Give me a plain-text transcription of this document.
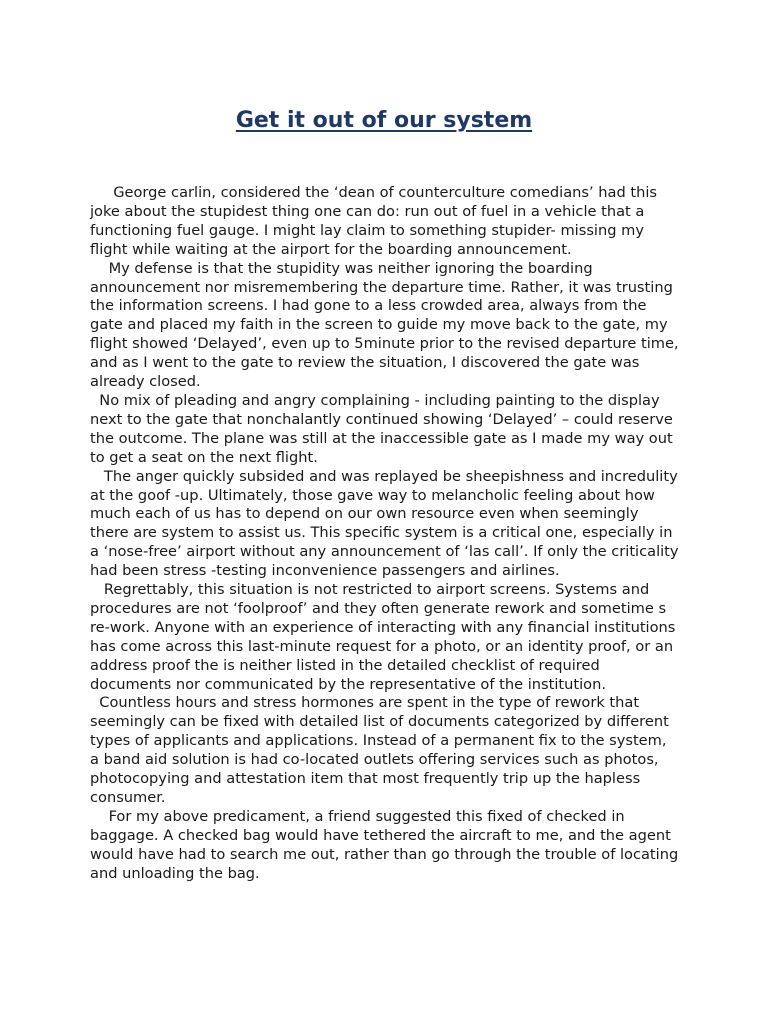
Get it out of our system

George carlin, considered the ‘dean of counterculture comedians’ had this joke about the stupidest thing one can do: run out of fuel in a vehicle that a functioning fuel gauge. I might lay claim to something stupider- missing my flight while waiting at the airport for the boarding announcement.

My defense is that the stupidity was neither ignoring the boarding announcement nor misremembering the departure time. Rather, it was trusting the information screens. I had gone to a less crowded area, always from the gate and placed my faith in the screen to guide my move back to the gate, my flight showed ‘Delayed’, even up to 5minute prior to the revised departure time, and as I went to the gate to review the situation, I discovered the gate was already closed.

No mix of pleading and angry complaining - including painting to the display next to the gate that nonchalantly continued showing ‘Delayed’ – could reserve the outcome. The plane was still at the inaccessible gate as I made my way out to get a seat on the next flight.

The anger quickly subsided and was replayed be sheepishness and incredulity at the goof -up. Ultimately, those gave way to melancholic feeling about how much each of us has to depend on our own resource even when seemingly there are system to assist us. This specific system is a critical one, especially in a ‘nose-free’ airport without any announcement of ‘las call’. If only the criticality had been stress -testing inconvenience passengers and airlines.

Regrettably, this situation is not restricted to airport screens. Systems and procedures are not ‘foolproof’ and they often generate rework and sometime s re-work. Anyone with an experience of interacting with any financial institutions has come across this last-minute request for a photo, or an identity proof, or an address proof the is neither listed in the detailed checklist of required documents nor communicated by the representative of the institution.

Countless hours and stress hormones are spent in the type of rework that seemingly can be fixed with detailed list of documents categorized by different types of applicants and applications. Instead of a permanent fix to the system, a band aid solution is had co-located outlets offering services such as photos, photocopying and attestation item that most frequently trip up the hapless consumer.

For my above predicament, a friend suggested this fixed of checked in baggage. A checked bag would have tethered the aircraft to me, and the agent would have had to search me out, rather than go through the trouble of locating and unloading the bag.
